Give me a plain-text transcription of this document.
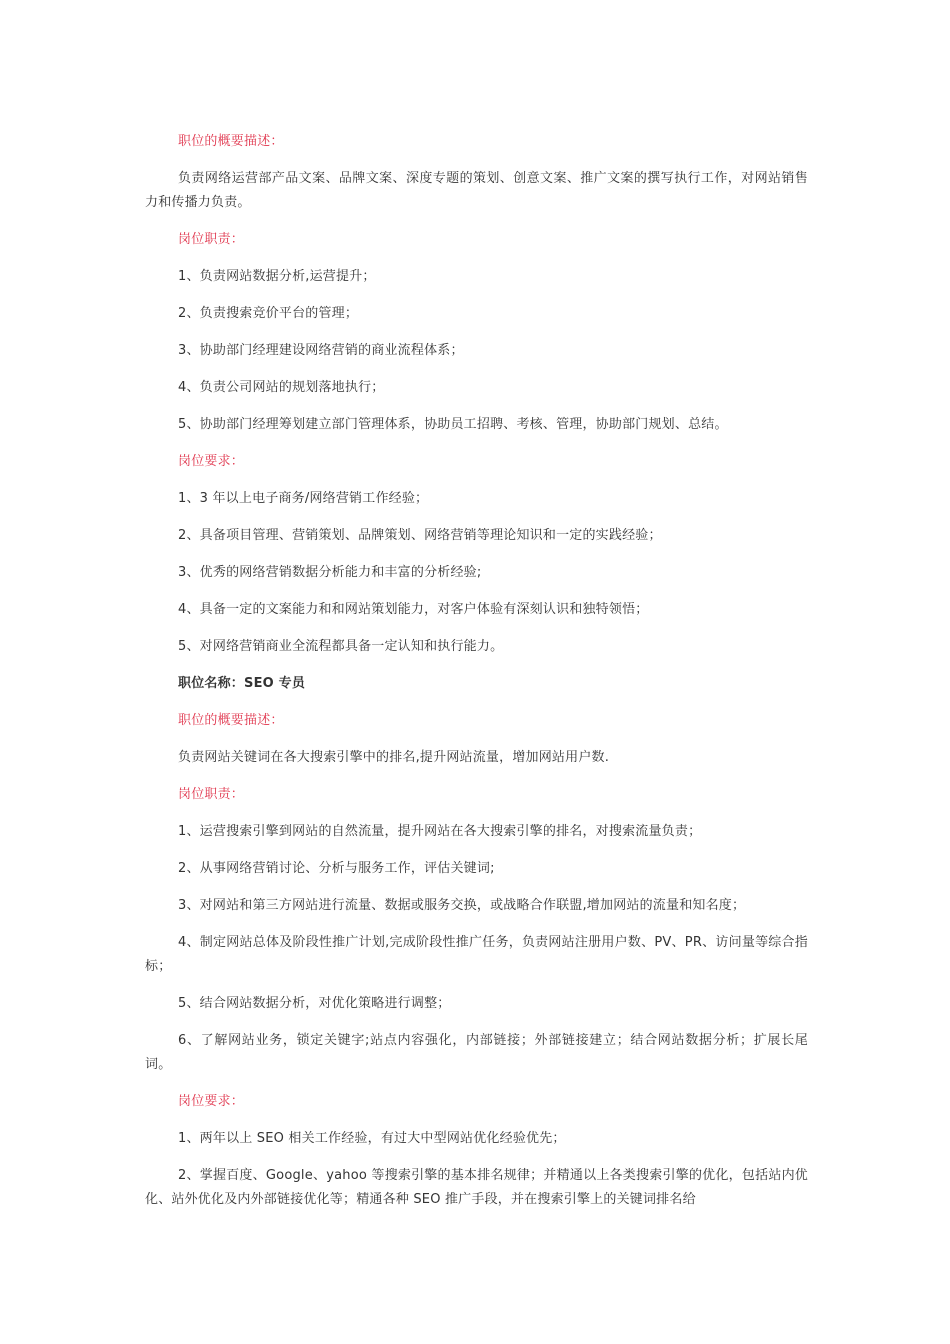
职位的概要描述：

负责网络运营部产品文案、品牌文案、深度专题的策划、创意文案、推广文案的撰写执行工作，对网站销售力和传播力负责。

岗位职责：

1、负责网站数据分析,运营提升；

2、负责搜索竞价平台的管理；

3、协助部门经理建设网络营销的商业流程体系；

4、负责公司网站的规划落地执行；

5、协助部门经理筹划建立部门管理体系，协助员工招聘、考核、管理，协助部门规划、总结。

岗位要求：

1、3 年以上电子商务/网络营销工作经验；

2、具备项目管理、营销策划、品牌策划、网络营销等理论知识和一定的实践经验；

3、优秀的网络营销数据分析能力和丰富的分析经验;

4、具备一定的文案能力和和网站策划能力，对客户体验有深刻认识和独特领悟；

5、对网络营销商业全流程都具备一定认知和执行能力。

职位名称：SEO 专员

职位的概要描述：

负责网站关键词在各大搜索引擎中的排名,提升网站流量，增加网站用户数.

岗位职责：

1、运营搜索引擎到网站的自然流量，提升网站在各大搜索引擎的排名，对搜索流量负责；

2、从事网络营销讨论、分析与服务工作，评估关键词;

3、对网站和第三方网站进行流量、数据或服务交换，或战略合作联盟,增加网站的流量和知名度；

4、制定网站总体及阶段性推广计划,完成阶段性推广任务，负责网站注册用户数、PV、PR、访问量等综合指标；

5、结合网站数据分析，对优化策略进行调整；

6、了解网站业务，锁定关键字;站点内容强化，内部链接；外部链接建立；结合网站数据分析；扩展长尾词。

岗位要求：

1、两年以上 SEO 相关工作经验，有过大中型网站优化经验优先；

2、掌握百度、Google、yahoo 等搜索引擎的基本排名规律；并精通以上各类搜索引擎的优化，包括站内优化、站外优化及内外部链接优化等；精通各种 SEO 推广手段，并在搜索引擎上的关键词排名给
